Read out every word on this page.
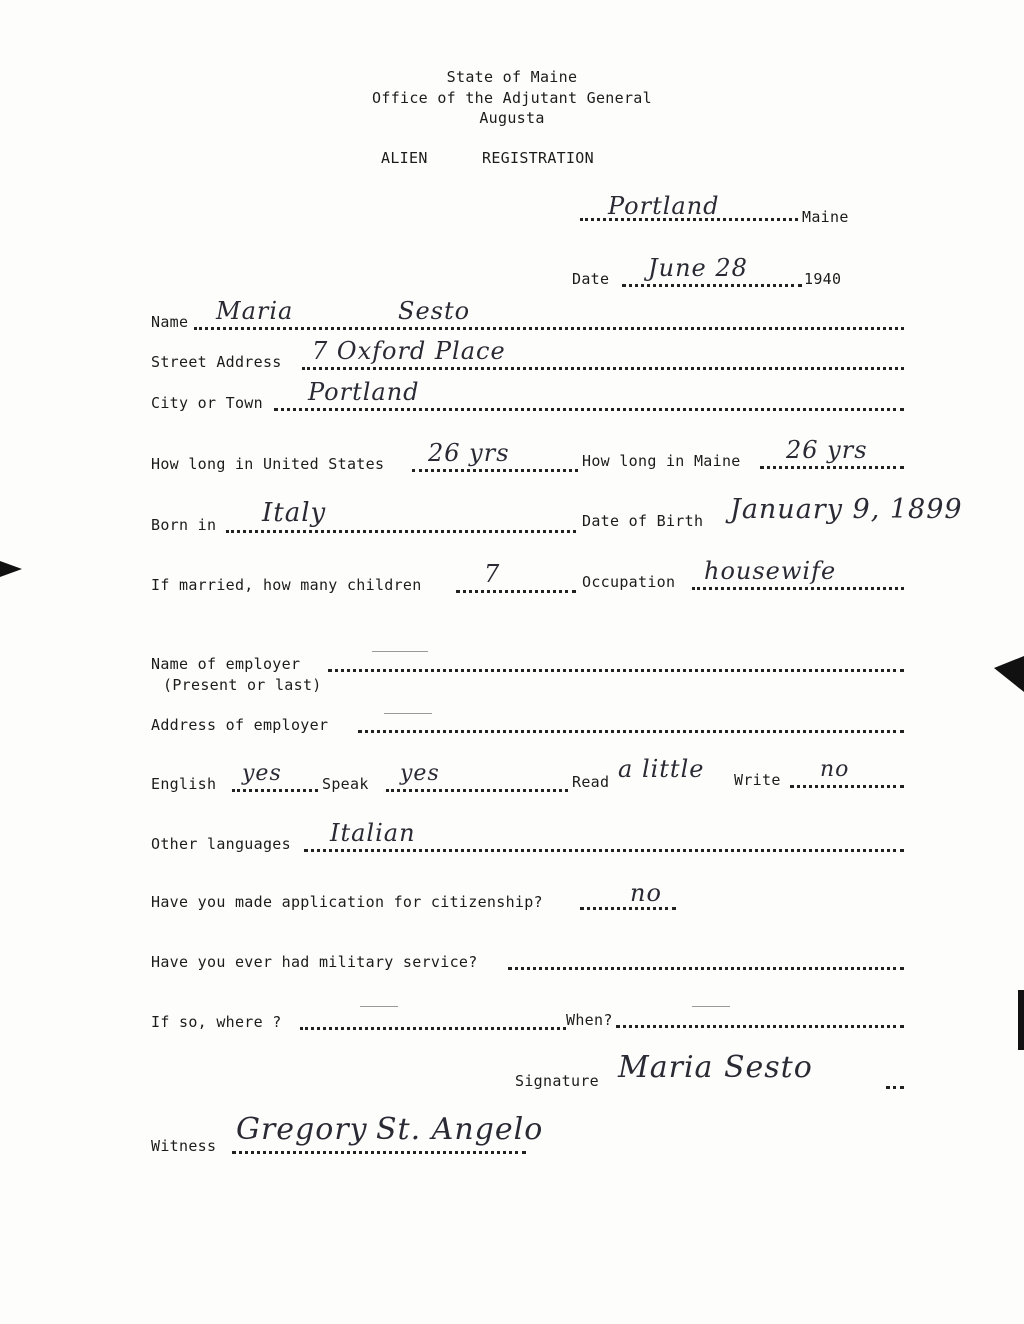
State of Maine
Office of the Adjutant General
Augusta
ALIEN	REGISTRATION
Portland	Maine
Date June 28	1940
Name Maria	Sesto
Street Address 7 Oxford Place
City or Town Portland
How long in United States 26 yrs	How long in Maine 26 yrs
Born in Italy	Date of Birth January 9, 1899
If married, how many children	7	Occupation housewife
Name of employer
(Present or last)
Address of employer
English yes	Speak yes	Read a little Write no
Other languages Italian
Have you made application for citizenship?	no
Have you ever had military service?
If so, where ?	When?
Signature Maria Sesto
Witness Gregory St. Angelo
